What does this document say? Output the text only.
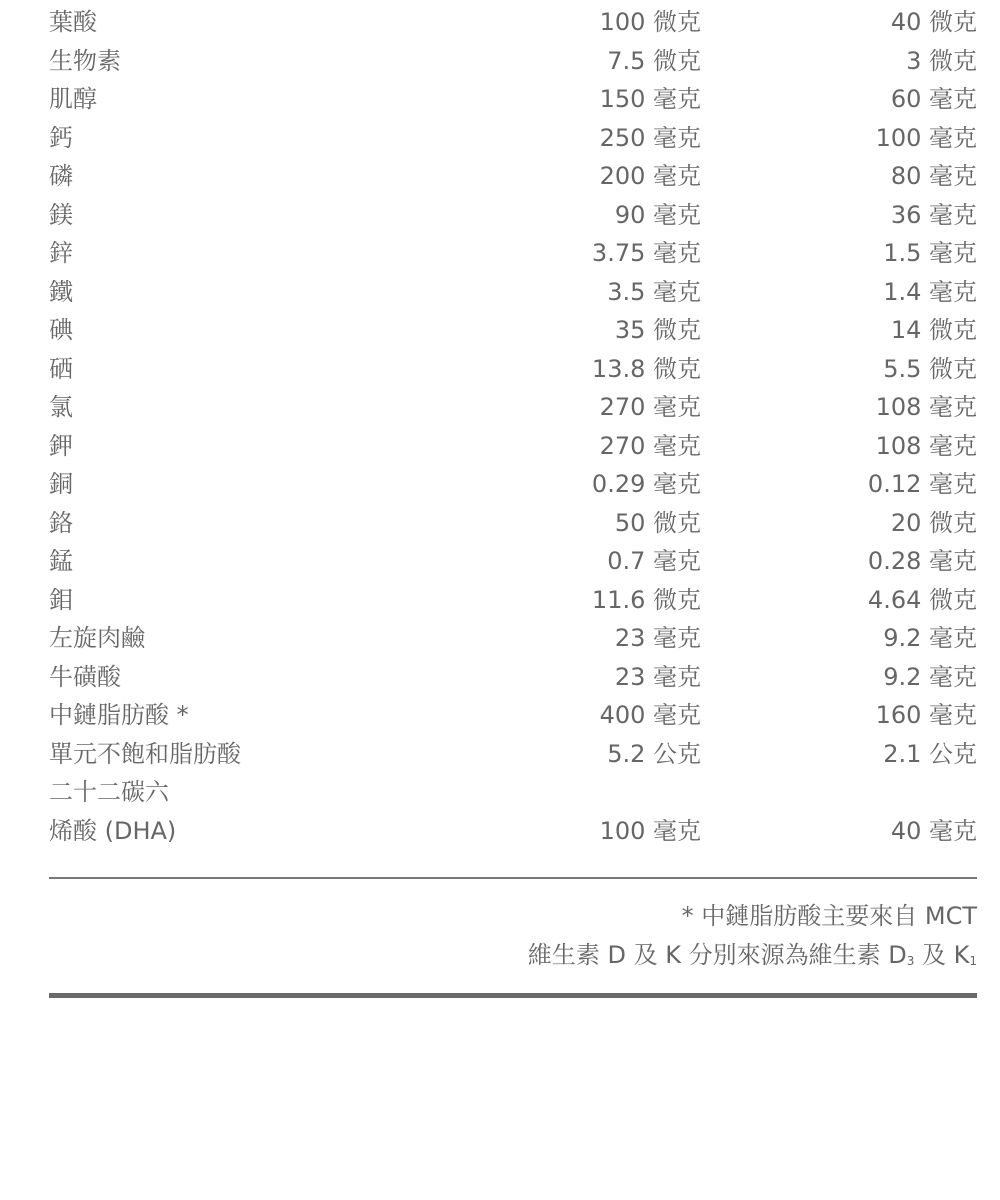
葉酸	100 微克	40 微克
生物素	7.5 微克	3 微克
肌醇	150 毫克	60 毫克
鈣	250 毫克	100 毫克
磷	200 毫克	80 毫克
鎂	90 毫克	36 毫克
鋅	3.75 毫克	1.5 毫克
鐵	3.5 毫克	1.4 毫克
碘	35 微克	14 微克
硒	13.8 微克	5.5 微克
氯	270 毫克	108 毫克
鉀	270 毫克	108 毫克
銅	0.29 毫克	0.12 毫克
鉻	50 微克	20 微克
錳	0.7 毫克	0.28 毫克
鉬	11.6 微克	4.64 微克
左旋肉鹼	23 毫克	9.2 毫克
牛磺酸	23 毫克	9.2 毫克
中鏈脂肪酸 *	400 毫克	160 毫克
單元不飽和脂肪酸	5.2 公克	2.1 公克
二十二碳六
烯酸 (DHA)	100 毫克	40 毫克
* 中鏈脂肪酸主要來自 MCT
維生素 D 及 K 分別來源為維生素 $D_3$ 及 $K_1$
